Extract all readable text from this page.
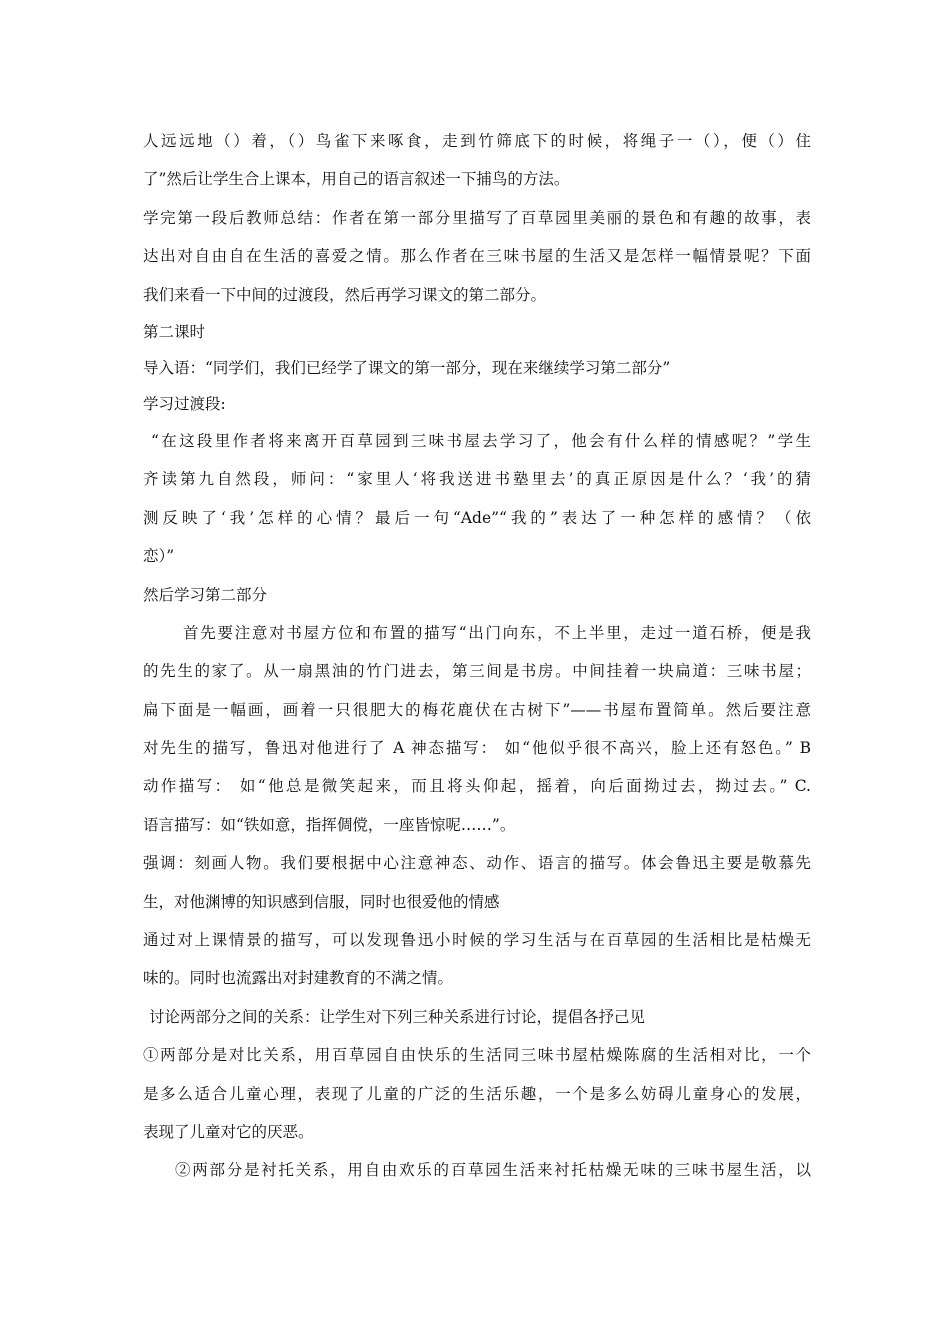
人远远地（）着，（）鸟雀下来啄食，走到竹筛底下的时候，将绳子一（），便（）住
了”然后让学生合上课本，用自己的语言叙述一下捕鸟的方法。
学完第一段后教师总结：作者在第一部分里描写了百草园里美丽的景色和有趣的故事，表
达出对自由自在生活的喜爱之情。那么作者在三味书屋的生活又是怎样一幅情景呢？下面
我们来看一下中间的过渡段，然后再学习课文的第二部分。
第二课时
导入语：“同学们，我们已经学了课文的第一部分，现在来继续学习第二部分”
学习过渡段:
“在这段里作者将来离开百草园到三味书屋去学习了，他会有什么样的情感呢？”学生
齐读第九自然段，师问：“家里人‘将我送进书塾里去’的真正原因是什么？‘我’的猜
测反映了‘我’怎样的心情？最后一句“Ade”“我的”表达了一种怎样的感情？（依
恋）”
然后学习第二部分
首先要注意对书屋方位和布置的描写“出门向东，不上半里，走过一道石桥，便是我
的先生的家了。从一扇黑油的竹门进去，第三间是书房。中间挂着一块扁道：三味书屋；
扁下面是一幅画，画着一只很肥大的梅花鹿伏在古树下”——书屋布置简单。然后要注意
对先生的描写，鲁迅对他进行了 A 神态描写： 如“他似乎很不高兴，脸上还有怒色。” B
动作描写： 如“他总是微笑起来，而且将头仰起，摇着，向后面拗过去，拗过去。” C.
语言描写：如“铁如意，指挥倜傥，一座皆惊呢……”。
强调：刻画人物。我们要根据中心注意神态、动作、语言的描写。体会鲁迅主要是敬慕先
生，对他渊博的知识感到信服，同时也很爱他的情感
通过对上课情景的描写，可以发现鲁迅小时候的学习生活与在百草园的生活相比是枯燥无
味的。同时也流露出对封建教育的不满之情。
讨论两部分之间的关系：让学生对下列三种关系进行讨论，提倡各抒己见
①两部分是对比关系，用百草园自由快乐的生活同三味书屋枯燥陈腐的生活相对比，一个
是多么适合儿童心理，表现了儿童的广泛的生活乐趣，一个是多么妨碍儿童身心的发展，
表现了儿童对它的厌恶。
②两部分是衬托关系，用自由欢乐的百草园生活来衬托枯燥无味的三味书屋生活，以
